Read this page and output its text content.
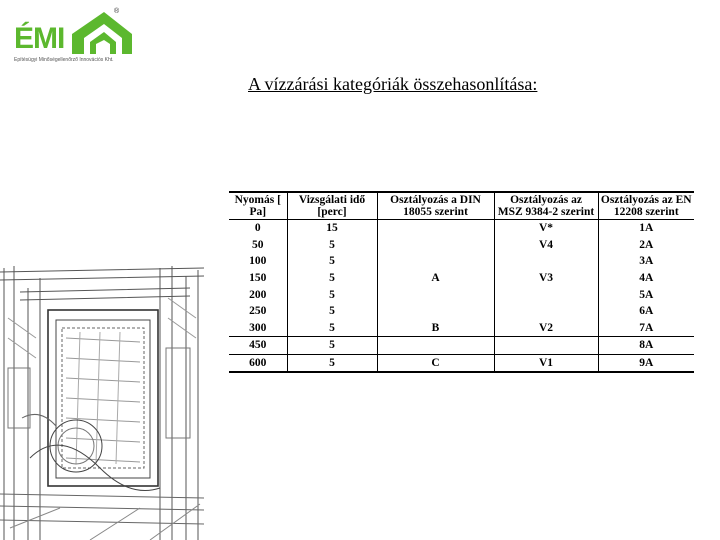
ÉMI
®
Építésügyi Minőségellenőrző Innovációs Kht.
A vízzárási kategóriák összehasonlítása:
Nyomás [ Pa]	Vizsgálati idő [perc]	Osztályozás a DIN 18055 szerint	Osztályozás az MSZ 9384-2 szerint	Osztályozás az EN 12208 szerint
0	15		V*	1A
50	5		V4	2A
100	5			3A
150	5	A	V3	4A
200	5			5A
250	5			6A
300	5	B	V2	7A
450	5			8A
600	5	C	V1	9A
